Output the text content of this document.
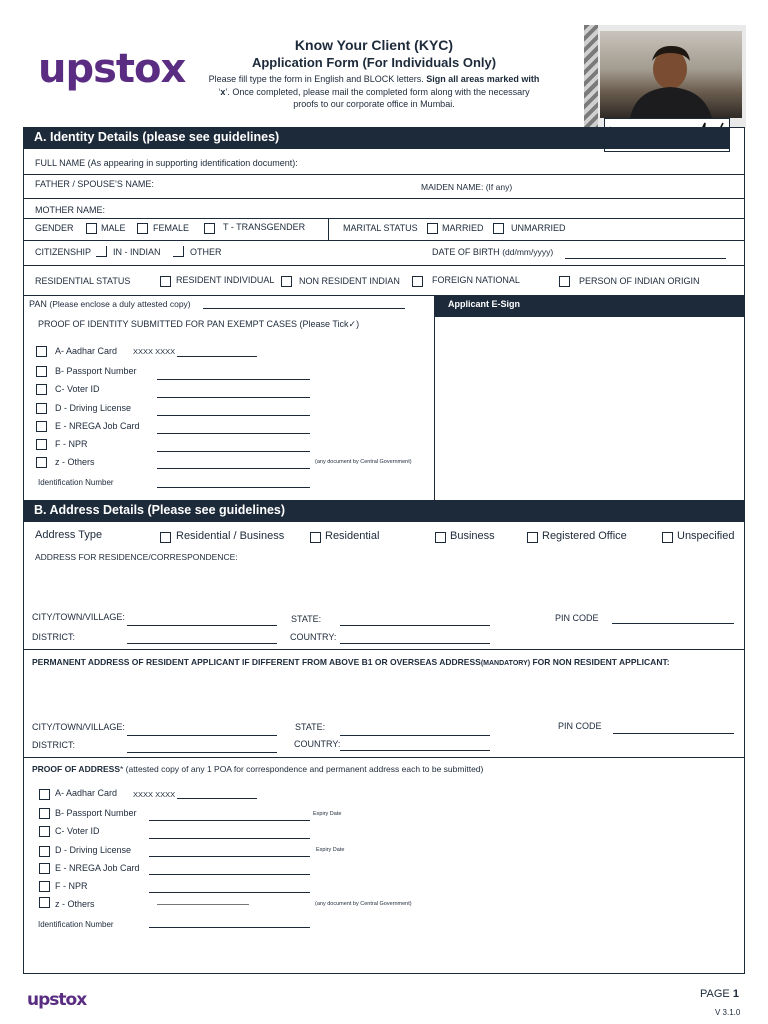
upstox
Know Your Client (KYC)
Application Form (For Individuals Only)
Please fill type the form in English and BLOCK letters. Sign all areas marked with
‘x’. Once completed, please mail the completed form along with the necessary
proofs to our corporate office in Mumbai.
A. Identity Details (please see guidelines)
FULL NAME (As appearing in supporting identification document):
FATHER / SPOUSE’S NAME:	MAIDEN NAME: (If any)
MOTHER NAME:
GENDER	MALE	FEMALE	T - TRANSGENDER	MARITAL STATUS	MARRIED	UNMARRIED
CITIZENSHIP IN - INDIAN	OTHER	DATE OF BIRTH (dd/mm/yyyy)
RESIDENTIAL STATUS	RESIDENT INDIVIDUAL	NON RESIDENT INDIAN	FOREIGN NATIONAL	PERSON OF INDIAN ORIGIN
PAN (Please enclose a duly attested copy)	Applicant E-Sign
PROOF OF IDENTITY SUBMITTED FOR PAN EXEMPT CASES (Please Tick✓)
A- Aadhar Card XXXX XXXX
B- Passport Number
C- Voter ID
D - Driving License
E - NREGA Job Card
F - NPR
z - Others	(any document by Central Government)
Identification Number
B. Address Details (Please see guidelines)
Address Type	Residential / Business	Residential	Business	Registered Office	Unspecified
ADDRESS FOR RESIDENCE/CORRESPONDENCE:
CITY/TOWN/VILLAGE:	STATE:	PIN CODE
DISTRICT:	COUNTRY:
PERMANENT ADDRESS OF RESIDENT APPLICANT IF DIFFERENT FROM ABOVE B1 OR OVERSEAS ADDRESS(MANDATORY) FOR NON RESIDENT APPLICANT:
CITY/TOWN/VILLAGE:	STATE:	PIN CODE
DISTRICT:	COUNTRY:
PROOF OF ADDRESS* (attested copy of any 1 POA for correspondence and permanent address each to be submitted)
A- Aadhar Card XXXX XXXX
B- Passport Number	Expiry Date
C- Voter ID
D - Driving License	Expiry Date
E - NREGA Job Card
F - NPR
z - Others	(any document by Central Government)
Identification Number
upstox	PAGE 1
V 3.1.0
